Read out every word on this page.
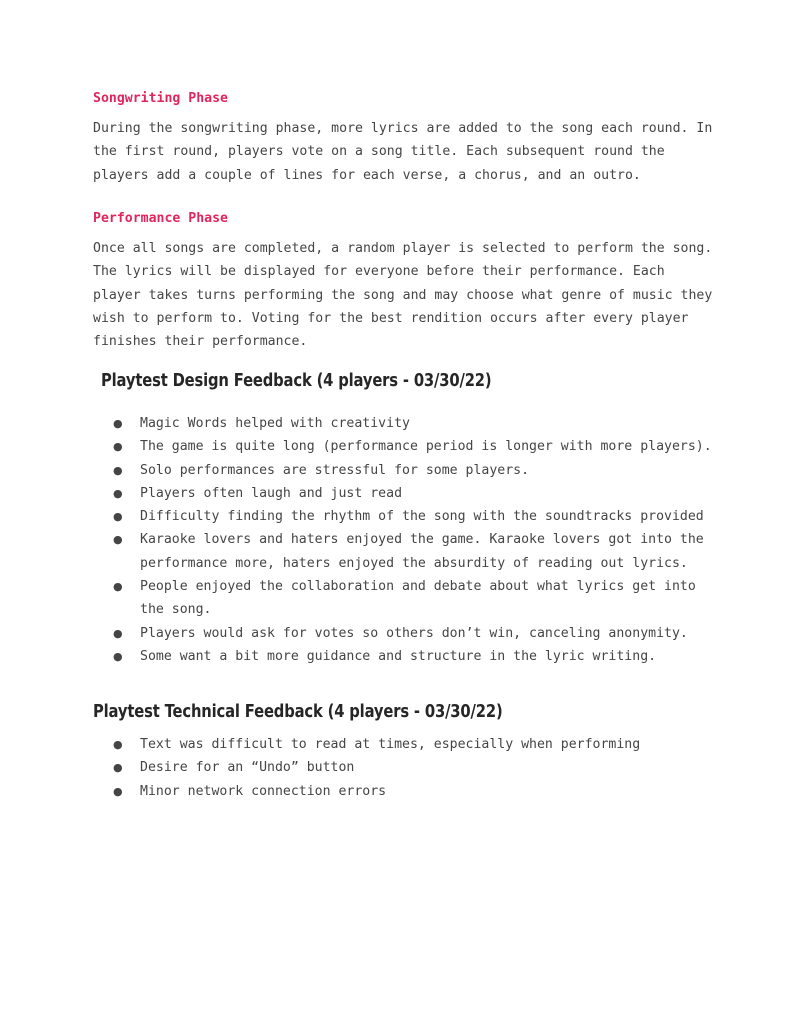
Songwriting Phase
During the songwriting phase, more lyrics are added to the song each round. In
the first round, players vote on a song title. Each subsequent round the
players add a couple of lines for each verse, a chorus, and an outro.
Performance Phase
Once all songs are completed, a random player is selected to perform the song.
The lyrics will be displayed for everyone before their performance. Each
player takes turns performing the song and may choose what genre of music they
wish to perform to. Voting for the best rendition occurs after every player
finishes their performance.
Playtest Design Feedback (4 players - 03/30/22)
● Magic Words helped with creativity
● The game is quite long (performance period is longer with more players).
● Solo performances are stressful for some players.
● Players often laugh and just read
● Difficulty finding the rhythm of the song with the soundtracks provided
● Karaoke lovers and haters enjoyed the game. Karaoke lovers got into the
performance more, haters enjoyed the absurdity of reading out lyrics.
● People enjoyed the collaboration and debate about what lyrics get into
the song.
● Players would ask for votes so others don’t win, canceling anonymity.
● Some want a bit more guidance and structure in the lyric writing.
Playtest Technical Feedback (4 players - 03/30/22)
● Text was difficult to read at times, especially when performing
● Desire for an “Undo” button
● Minor network connection errors
